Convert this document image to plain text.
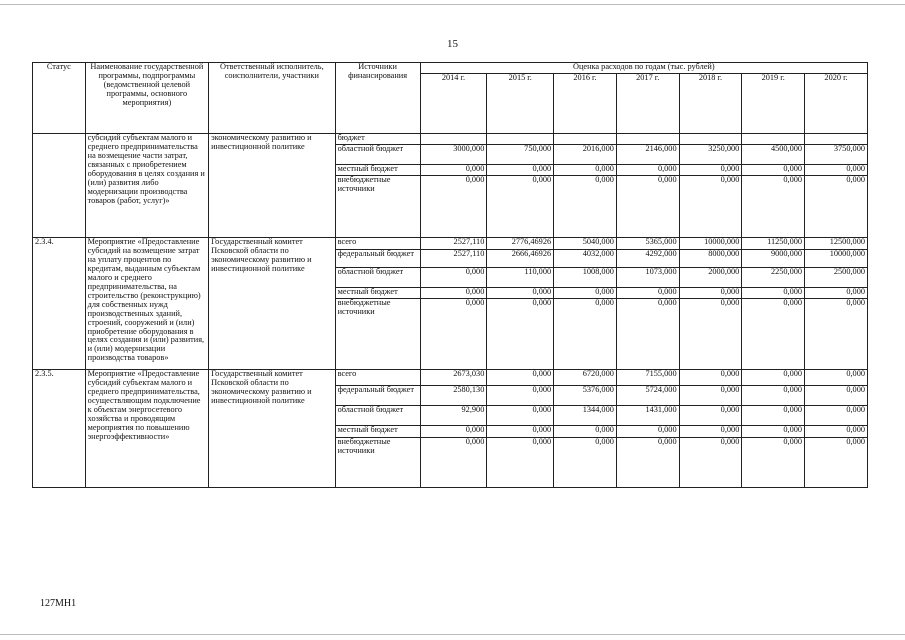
15
Статус	Наименование государственной программы, подпрограммы (ведомственной целевой программы, основного мероприятия)	Ответственный исполнитель, соисполнители, участники	Источники финансирования	Оценка расходов по годам (тыс. рублей)						
				2014 г.	2015 г.	2016 г.	2017 г.	2018 г.	2019 г.	2020 г.
	субсидий субъектам малого и среднего предпринимательства на возмещение части затрат, связанных с приобретением оборудования в целях создания и (или) развития либо модернизации производства товаров (работ, услуг)»	экономическому развитию и инвестиционной политике	бюджет							
			областной бюджет	3000,000	750,000	2016,000	2146,000	3250,000	4500,000	3750,000
			местный бюджет	0,000	0,000	0,000	0,000	0,000	0,000	0,000
			внебюджетные источники	0,000	0,000	0,000	0,000	0,000	0,000	0,000
2.3.4.	Мероприятие «Предоставление субсидий на возмещение затрат на уплату процентов по кредитам, выданным субъектам малого и среднего предпринимательства, на строительство (реконструкцию) для собственных нужд производственных зданий, строений, сооружений и (или) приобретение оборудования в целях создания и (или) развития, и (или) модернизации производства товаров»	Государственный комитет Псковской области по экономическому развитию и инвестиционной политике	всего	2527,110	2776,46926	5040,000	5365,000	10000,000	11250,000	12500,000
			федеральный бюджет	2527,110	2666,46926	4032,000	4292,000	8000,000	9000,000	10000,000
			областной бюджет	0,000	110,000	1008,000	1073,000	2000,000	2250,000	2500,000
			местный бюджет	0,000	0,000	0,000	0,000	0,000	0,000	0,000
			внебюджетные источники	0,000	0,000	0,000	0,000	0,000	0,000	0,000
2.3.5.	Мероприятие «Предоставление субсидий субъектам малого и среднего предпринимательства, осуществляющим подключение к объектам энергосетевого хозяйства и проводящим мероприятия по повышению энергоэффективности»	Государственный комитет Псковской области по экономическому развитию и инвестиционной политике	всего	2673,030	0,000	6720,000	7155,000	0,000	0,000	0,000
			федеральный бюджет	2580,130	0,000	5376,000	5724,000	0,000	0,000	0,000
			областной бюджет	92,900	0,000	1344,000	1431,000	0,000	0,000	0,000
			местный бюджет	0,000	0,000	0,000	0,000	0,000	0,000	0,000
			внебюджетные источники	0,000	0,000	0,000	0,000	0,000	0,000	0,000
127МН1
